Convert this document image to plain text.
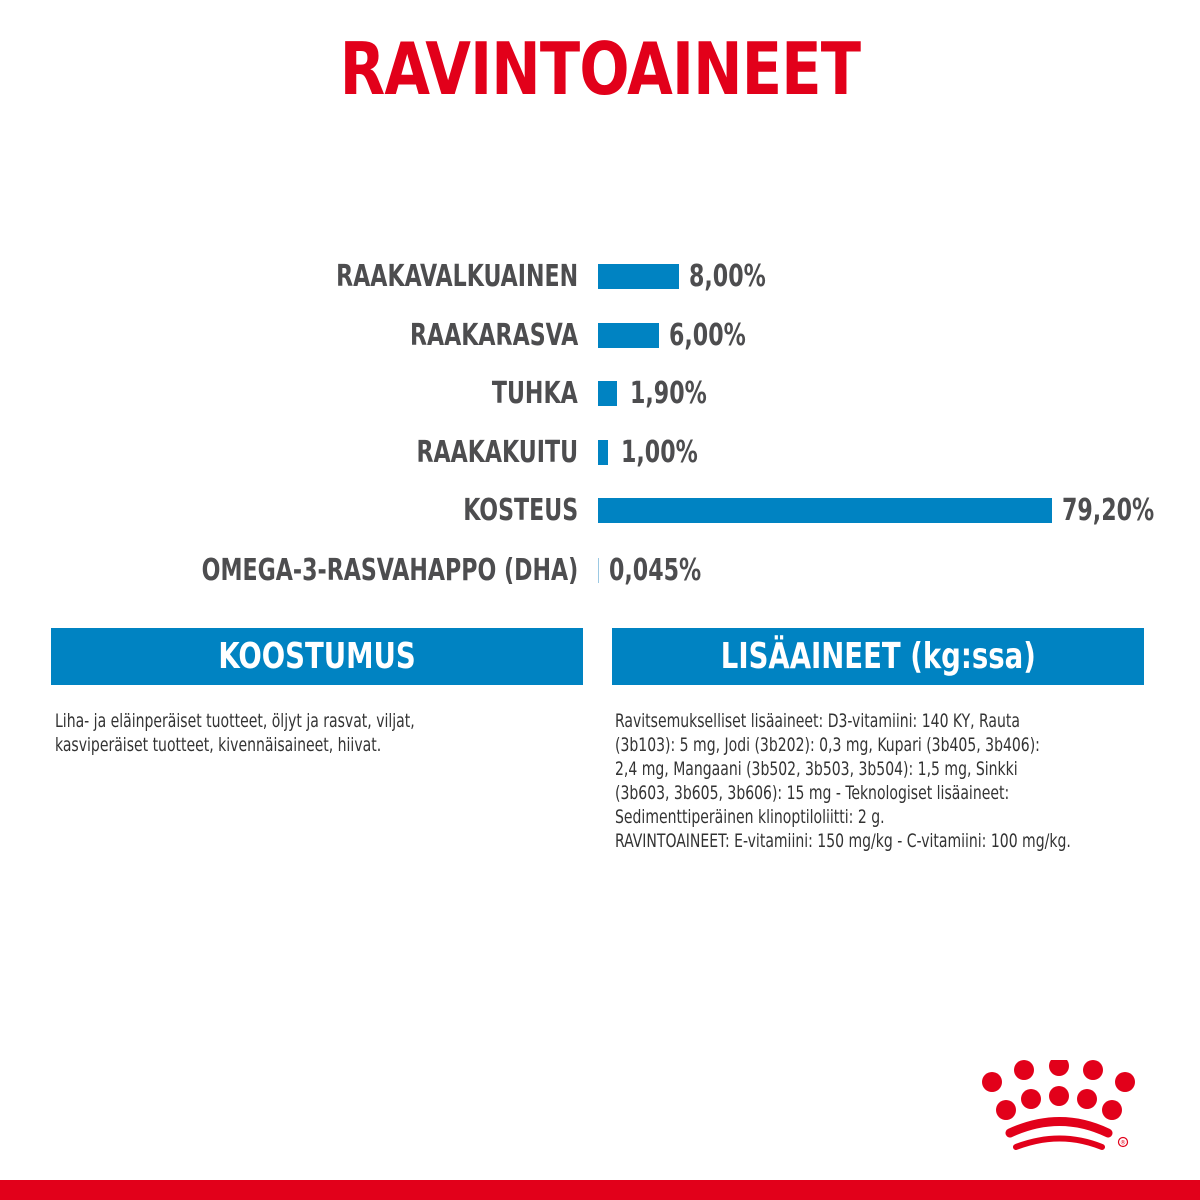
RAVINTOAINEET
RAAKAVALKUAINEN	8,00%
RAAKARASVA	6,00%
TUHKA 1,90%
RAAKAKUITU 1,00%
KOSTEUS	79,20%
OMEGA-3-RASVAHAPPO (DHA) 0,045%
KOOSTUMUS
Liha- ja eläinperäiset tuotteet, öljyt ja rasvat, viljat,
kasviperäiset tuotteet, kivennäisaineet, hiivat.
LISÄAINEET (kg:ssa)
Ravitsemukselliset lisäaineet: D3-vitamiini: 140 KY, Rauta
(3b103): 5 mg, Jodi (3b202): 0,3 mg, Kupari (3b405, 3b406):
2,4 mg, Mangaani (3b502, 3b503, 3b504): 1,5 mg, Sinkki
(3b603, 3b605, 3b606): 15 mg - Teknologiset lisäaineet:
Sedimenttiperäinen klinoptiloliitti: 2 g.
RAVINTOAINEET: E-vitamiini: 150 mg/kg - C-vitamiini: 100 mg/kg.
®
